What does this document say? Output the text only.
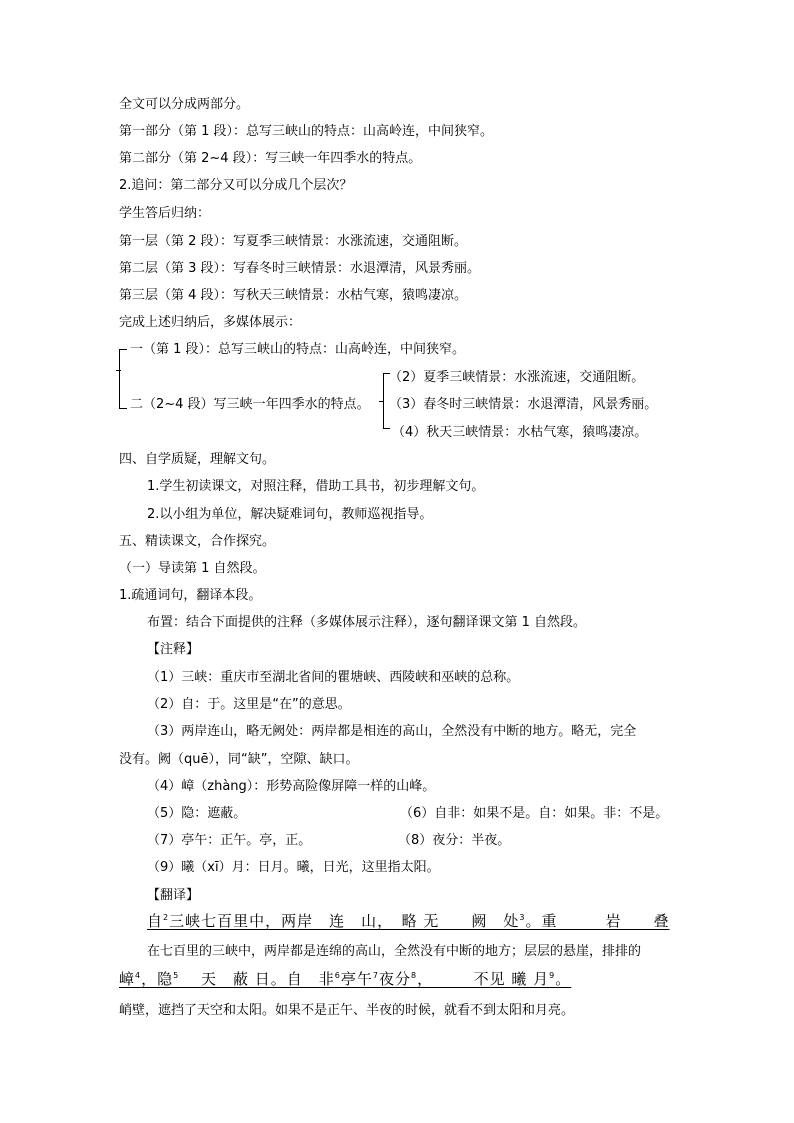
全文可以分成两部分。
第一部分（第 1 段）：总写三峡山的特点：山高岭连，中间狭窄。
第二部分（第 2~4 段）：写三峡一年四季水的特点。
2.追问：第二部分又可以分成几个层次？
学生答后归纳：
第一层（第 2 段）：写夏季三峡情景：水涨流速，交通阻断。
第二层（第 3 段）：写春冬时三峡情景：水退潭清，风景秀丽。
第三层（第 4 段）：写秋天三峡情景：水枯气寒，猿鸣凄凉。
完成上述归纳后，多媒体展示：
一（第 1 段）：总写三峡山的特点：山高岭连，中间狭窄。
二（2~4 段）写三峡一年四季水的特点。
（2）夏季三峡情景：水涨流速，交通阻断。
（3）春冬时三峡情景：水退潭清，风景秀丽。
（4）秋天三峡情景：水枯气寒，猿鸣凄凉。
四、自学质疑，理解文句。
1.学生初读课文，对照注释，借助工具书，初步理解文句。
2.以小组为单位，解决疑难词句，教师巡视指导。
五、精读课文，合作探究。
（一）导读第 1 自然段。
1.疏通词句，翻译本段。
布置：结合下面提供的注释（多媒体展示注释），逐句翻译课文第 1 自然段。
【注释】
（1）三峡：重庆市至湖北省间的瞿塘峡、西陵峡和巫峡的总称。
（2）自：于。这里是“在”的意思。
（3）两岸连山，略无阙处：两岸都是相连的高山，全然没有中断的地方。略无，完全
没有。阙（quē），同“缺”，空隙、缺口。
（4）嶂（zhàng）：形势高险像屏障一样的山峰。
（5）隐：遮蔽。	（6）自非：如果不是。自：如果。非：不是。
（7）亭午：正午。亭，正。	（8）夜分：半夜。
（9）曦（xī）月：日月。曦，日光，这里指太阳。
【翻译】
自$^2$三峡七百里中，两岸　连　山，　略 无　　阙　处$^3$。重　　　岩　　叠
在七百里的三峡中，两岸都是连绵的高山，全然没有中断的地方；层层的悬崖，排排的
嶂$^4$，隐$^5$　 天　蔽 日。自　非$^6$亭午$^7$夜分$^8$，　　　不见 曦 月$^9$。
峭壁，遮挡了天空和太阳。如果不是正午、半夜的时候，就看不到太阳和月亮。
